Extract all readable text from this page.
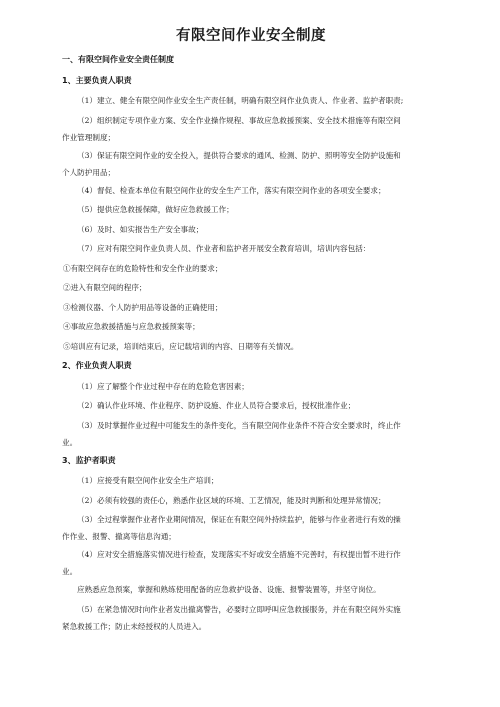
有限空间作业安全制度
一、有限空间作业安全责任制度
1、主要负责人职责
（1）建立、健全有限空间作业安全生产责任制，明确有限空间作业负责人、作业者、监护者职责;
（2）组织制定专项作业方案、安全作业操作规程、事故应急救援预案、安全技术措施等有限空间
作业管理制度；
（3）保证有限空间作业的安全投入，提供符合要求的通风、检测、防护、照明等安全防护设施和
个人防护用品；
（4）督促、检查本单位有限空间作业的安全生产工作，落实有限空间作业的各项安全要求；
（5）提供应急救援保障，做好应急救援工作；
（6）及时、如实报告生产安全事故；
（7）应对有限空间作业负责人员、作业者和监护者开展安全教育培训，培训内容包括：
①有限空间存在的危险特性和安全作业的要求；
②进入有限空间的程序；
③检测仪器、个人防护用品等设备的正确使用；
④事故应急救援措施与应急救援预案等；
⑤培训应有记录，培训结束后，应记载培训的内容、日期等有关情况。
2、作业负责人职责
（1）应了解整个作业过程中存在的危险危害因素；
（2）确认作业环境、作业程序、防护设施、作业人员符合要求后，授权批准作业；
（3）及时掌握作业过程中可能发生的条件变化，当有限空间作业条件不符合安全要求时，终止作
业。
3、监护者职责
（1）应接受有限空间作业安全生产培训；
（2）必须有较强的责任心，熟悉作业区域的环境、工艺情况，能及时判断和处理异常情况；
（3）全过程掌握作业者作业期间情况，保证在有限空间外持续监护，能够与作业者进行有效的操
作作业、报警、撤离等信息沟通；
（4）应对安全措施落实情况进行检查，发现落实不好或安全措施不完善时，有权提出暂不进行作
业。
应熟悉应急预案，掌握和熟练使用配备的应急救护设备、设施、报警装置等，并坚守岗位。
（5）在紧急情况时向作业者发出撤离警告，必要时立即呼叫应急救援服务，并在有限空间外实施
紧急救援工作；防止未经授权的人员进入。
